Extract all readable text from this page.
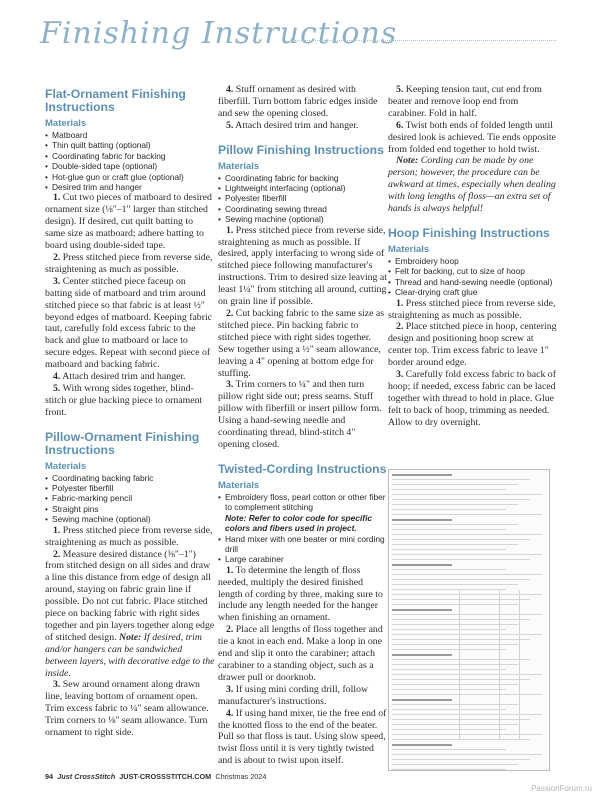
Finishing Instructions
Flat-Ornament Finishing Instructions
Materials
• Matboard
• Thin quilt batting (optional)
• Coordinating fabric for backing
• Double-sided tape (optional)
• Hot-glue gun or craft glue (optional)
• Desired trim and hanger

1. Cut two pieces of matboard to desired ornament size (⅛"–1" larger than stitched design). If desired, cut quilt batting to same size as matboard; adhere batting to board using double-sided tape.

2. Press stitched piece from reverse side, straightening as much as possible.

3. Center stitched piece faceup on batting side of matboard and trim around stitched piece so that fabric is at least ½" beyond edges of matboard. Keeping fabric taut, carefully fold excess fabric to the back and glue to matboard or lace to secure edges. Repeat with second piece of matboard and backing fabric.

4. Attach desired trim and hanger.

5. With wrong sides together, blind-stitch or glue backing piece to ornament front.

Pillow-Ornament Finishing Instructions
Materials
• Coordinating backing fabric
• Polyester fiberfill
• Fabric-marking pencil
• Straight pins
• Sewing machine (optional)

1. Press stitched piece from reverse side, straightening as much as possible.

2. Measure desired distance (⅜"–1") from stitched design on all sides and draw a line this distance from edge of design all around, staying on fabric grain line if possible. Do not cut fabric. Place stitched piece on backing fabric with right sides together and pin layers together along edge of stitched design. Note: If desired, trim and/or hangers can be sandwiched between layers, with decorative edge to the inside.

3. Sew around ornament along drawn line, leaving bottom of ornament open. Trim excess fabric to ¼" seam allowance. Trim corners to ⅛" seam allowance. Turn ornament to right side.

4. Stuff ornament as desired with fiberfill. Turn bottom fabric edges inside and sew the opening closed.

5. Attach desired trim and hanger.

Pillow Finishing Instructions
Materials
• Coordinating fabric for backing
• Lightweight interfacing (optional)
• Polyester fiberfill
• Coordinating sewing thread
• Sewing machine (optional)

1. Press stitched piece from reverse side, straightening as much as possible. If desired, apply interfacing to wrong side of stitched piece following manufacturer's instructions. Trim to desired size leaving at least 1¼" from stitching all around, cutting on grain line if possible.

2. Cut backing fabric to the same size as stitched piece. Pin backing fabric to stitched piece with right sides together. Sew together using a ½" seam allowance, leaving a 4" opening at bottom edge for stuffing.

3. Trim corners to ¼" and then turn pillow right side out; press seams. Stuff pillow with fiberfill or insert pillow form. Using a hand-sewing needle and coordinating thread, blind-stitch 4" opening closed.

Twisted-Cording Instructions
Materials
• Embroidery floss, pearl cotton or other fiber to complement stitching
Note: Refer to color code for specific colors and fibers used in project.
• Hand mixer with one beater or mini cording drill
• Large carabiner

1. To determine the length of floss needed, multiply the desired finished length of cording by three, making sure to include any length needed for the hanger when finishing an ornament.

2. Place all lengths of floss together and tie a knot in each end. Make a loop in one end and slip it onto the carabiner; attach carabiner to a standing object, such as a drawer pull or doorknob.

3. If using mini cording drill, follow manufacturer's instructions.

4. If using hand mixer, tie the free end of the knotted floss to the end of the beater. Pull so that floss is taut. Using slow speed, twist floss until it is very tightly twisted and is about to twist upon itself.

5. Keeping tension taut, cut end from beater and remove loop end from carabiner. Fold in half.

6. Twist both ends of folded length until desired look is achieved. Tie ends opposite from folded end together to hold twist.

Note: Cording can be made by one person; however, the procedure can be awkward at times, especially when dealing with long lengths of floss—an extra set of hands is always helpful!

Hoop Finishing Instructions
Materials
• Embroidery hoop
• Felt for backing, cut to size of hoop
• Thread and hand-sewing needle (optional)
• Clear-drying craft glue

1. Press stitched piece from reverse side, straightening as much as possible.

2. Place stitched piece in hoop, centering design and positioning hoop screw at center top. Trim excess fabric to leave 1" border around edge.

3. Carefully fold excess fabric to back of hoop; if needed, excess fabric can be laced together with thread to hold in place. Glue felt to back of hoop, trimming as needed. Allow to dry overnight.

94 Just CrossStitch JUST-CROSSSTITCH.COM Christmas 2024
PassionForum.ru
